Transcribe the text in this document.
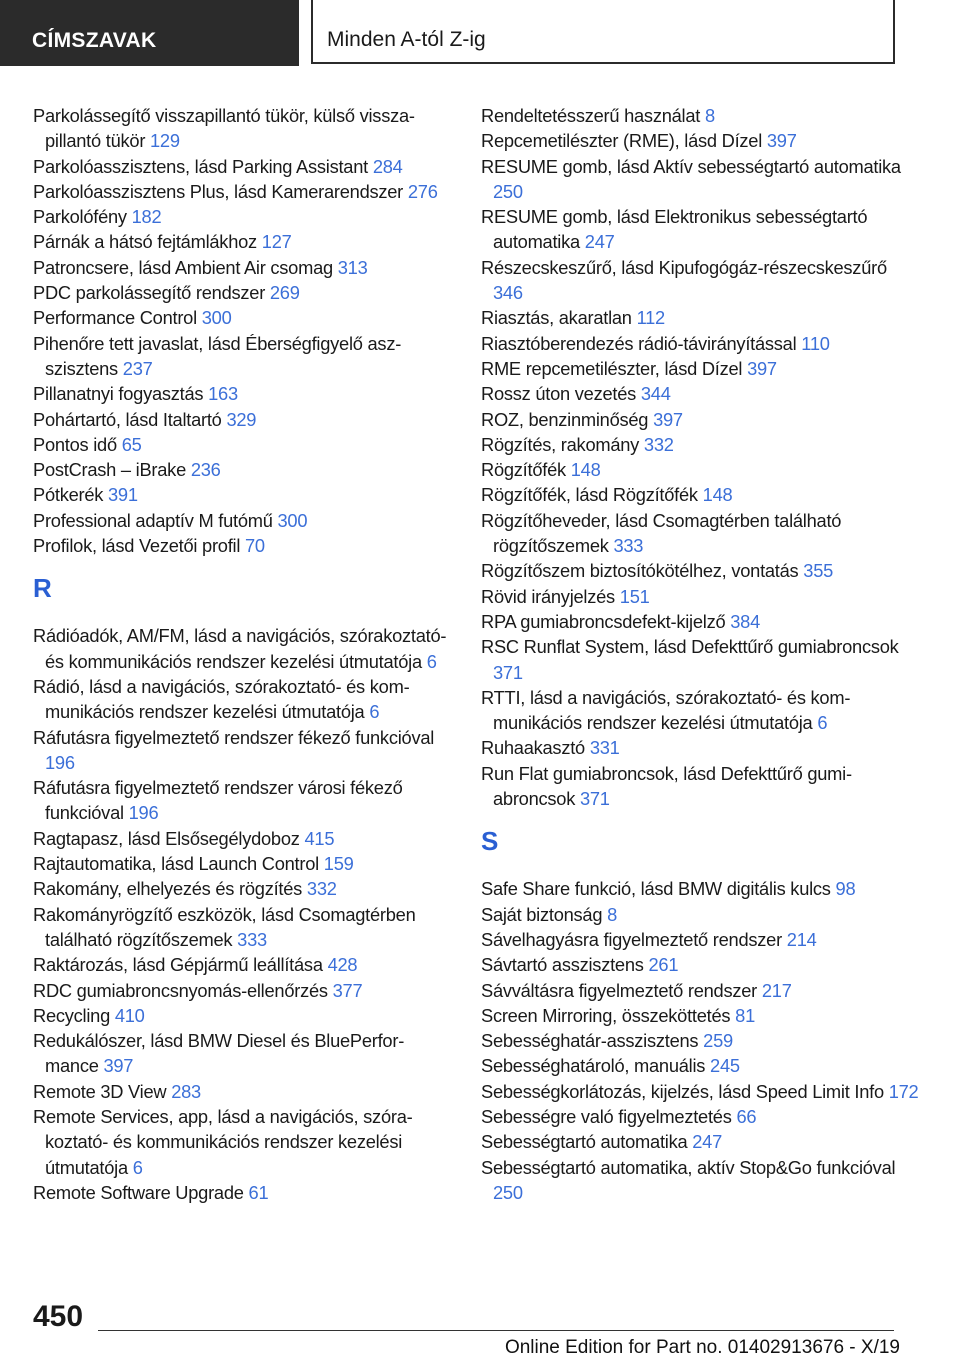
CÍMSZAVAK	Minden A-tól Z-ig
Parkolássegítő visszapillantó tükör, külső visszapillantó tükör 129
Parkolóasszisztens, lásd Parking Assistant 284
Parkolóasszisztens Plus, lásd Kamerarendszer 276
Parkolófény 182
Párnák a hátsó fejtámlákhoz 127
Patroncsere, lásd Ambient Air csomag 313
PDC parkolássegítő rendszer 269
Performance Control 300
Pihenőre tett javaslat, lásd Éberségfigyelő aszszisztens 237
Pillanatnyi fogyasztás 163
Pohártartó, lásd Italtartó 329
Pontos idő 65
PostCrash – iBrake 236
Pótkerék 391
Professional adaptív M futómű 300
Profilok, lásd Vezetői profil 70
R
Rádióadók, AM/FM, lásd a navigációs, szórakoztató- és kommunikációs rendszer kezelési útmutatója 6
Rádió, lásd a navigációs, szórakoztató- és kommunikációs rendszer kezelési útmutatója 6
Ráfutásra figyelmeztető rendszer fékező funkcióval 196
Ráfutásra figyelmeztető rendszer városi fékező funkcióval 196
Ragtapasz, lásd Elsősegélydoboz 415
Rajtautomatika, lásd Launch Control 159
Rakomány, elhelyezés és rögzítés 332
Rakományrögzítő eszközök, lásd Csomagtérben található rögzítőszemek 333
Raktározás, lásd Gépjármű leállítása 428
RDC gumiabroncsnyomás-ellenőrzés 377
Recycling 410
Redukálószer, lásd BMW Diesel és BluePerformance 397
Remote 3D View 283
Remote Services, app, lásd a navigációs, szórakoztató- és kommunikációs rendszer kezelési útmutatója 6
Remote Software Upgrade 61
Rendeltetésszerű használat 8
Repcemetilészter (RME), lásd Dízel 397
RESUME gomb, lásd Aktív sebességtartó automatika 250
RESUME gomb, lásd Elektronikus sebességtartó automatika 247
Részecskeszűrő, lásd Kipufogógáz-részecskeszűrő 346
Riasztás, akaratlan 112
Riasztóberendezés rádió-távirányítással 110
RME repcemetilészter, lásd Dízel 397
Rossz úton vezetés 344
ROZ, benzinminőség 397
Rögzítés, rakomány 332
Rögzítőfék 148
Rögzítőfék, lásd Rögzítőfék 148
Rögzítőheveder, lásd Csomagtérben található rögzítőszemek 333
Rögzítőszem biztosítókötélhez, vontatás 355
Rövid irányjelzés 151
RPA gumiabroncsdefekt-kijelző 384
RSC Runflat System, lásd Defekttűrő gumiabroncsok 371
RTTI, lásd a navigációs, szórakoztató- és kommunikációs rendszer kezelési útmutatója 6
Ruhaakasztó 331
Run Flat gumiabroncsok, lásd Defekttűrő gumiabroncsok 371
S
Safe Share funkció, lásd BMW digitális kulcs 98
Saját biztonság 8
Sávelhagyásra figyelmeztető rendszer 214
Sávtartó asszisztens 261
Sávváltásra figyelmeztető rendszer 217
Screen Mirroring, összeköttetés 81
Sebességhatár-asszisztens 259
Sebességhatároló, manuális 245
Sebességkorlátozás, kijelzés, lásd Speed Limit Info 172
Sebességre való figyelmeztetés 66
Sebességtartó automatika 247
Sebességtartó automatika, aktív Stop&Go funkcióval 250
450
Online Edition for Part no. 01402913676 - X/19
